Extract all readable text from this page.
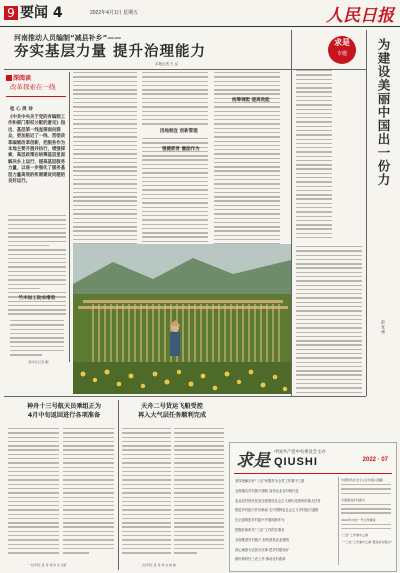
9 要闻 4	2022年4月1日 星期五	人民日报
河南推动人员编制“减县补乡”——
夯实基层力量 提升治理能力
本报记者 王 汉
深阅读
改革探索在一线
桂 心 周 诗
《中共中央关于党的有编制工作和部门职权分配的意见》指出，基层第一线直接面向群众，更加贴近了一线、贯彻改革编制改革创新，把服务作为本地主要开展并执行，增强探索，高层政策在统筹基层里面解决乡上运行，提高基层服务力量，以进一步强化了服务基层力量高效的机制建设问题的良好运行。
因地制宜 创新管理
强健筋骨 激励作为
统筹调配 提高效能
竹木加工助农增收
（新华社记者 摄）
神舟十三号航天员乘组正为
4月中旬返回进行各项准备
一位手机: 张 丹 刘 许 左 吉好
天舟二号货运飞船受控
再入大气层任务顺利完成
二位手机: 张 丹 刘 文 林 森
求是
专题	为建设美丽中国出一份力
彭 张 勇
求是 中国共产党中央委员会主办
QIUSHI	2022 · 07
坚持把解决好“三农”问题作为全党工作重中之重
全面落实乡村振兴战略 加快农业农村现代化
农业农村现代化是全面建设社会主义现代化国家的重大任务
推进乡村振兴开好新局 走中国特色社会主义乡村振兴道路
在全面推进乡村振兴中展现新作为
把握好新时代“三农”工作的总要求
全面推进乡村振兴 加快建设农业强国
真心诚意为农民办实事 把乡村建设好
做好新时代三农工作 推动农村改革
中国特色社会主义乡村振兴道路
全面推进乡村振兴
2022年中央一号文件解读
“三农”工作重中之重
一“三农”工作重中之重“推进乡村振兴”
